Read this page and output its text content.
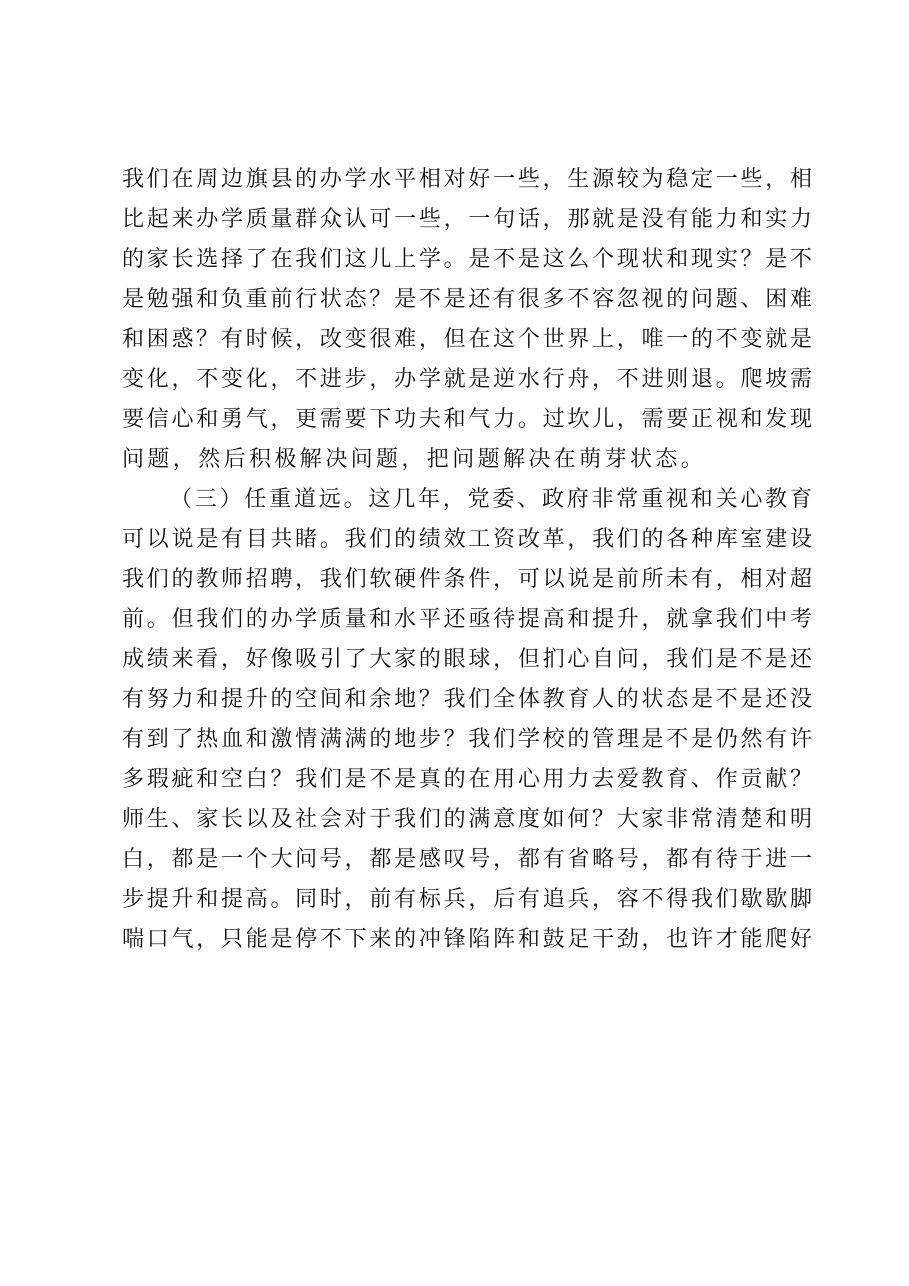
我们在周边旗县的办学水平相对好一些，生源较为稳定一些，相
比起来办学质量群众认可一些，一句话，那就是没有能力和实力
的家长选择了在我们这儿上学。是不是这么个现状和现实？是不
是勉强和负重前行状态？是不是还有很多不容忽视的问题、困难
和困惑？有时候，改变很难，但在这个世界上，唯一的不变就是
变化，不变化，不进步，办学就是逆水行舟，不进则退。爬坡需
要信心和勇气，更需要下功夫和气力。过坎儿，需要正视和发现
问题，然后积极解决问题，把问题解决在萌芽状态。
（三）任重道远。这几年，党委、政府非常重视和关心教育
可以说是有目共睹。我们的绩效工资改革，我们的各种库室建设
我们的教师招聘，我们软硬件条件，可以说是前所未有，相对超
前。但我们的办学质量和水平还亟待提高和提升，就拿我们中考
成绩来看，好像吸引了大家的眼球，但扪心自问，我们是不是还
有努力和提升的空间和余地？我们全体教育人的状态是不是还没
有到了热血和激情满满的地步？我们学校的管理是不是仍然有许
多瑕疵和空白？我们是不是真的在用心用力去爱教育、作贡献？
师生、家长以及社会对于我们的满意度如何？大家非常清楚和明
白，都是一个大问号，都是感叹号，都有省略号，都有待于进一
步提升和提高。同时，前有标兵，后有追兵，容不得我们歇歇脚
喘口气，只能是停不下来的冲锋陷阵和鼓足干劲，也许才能爬好
